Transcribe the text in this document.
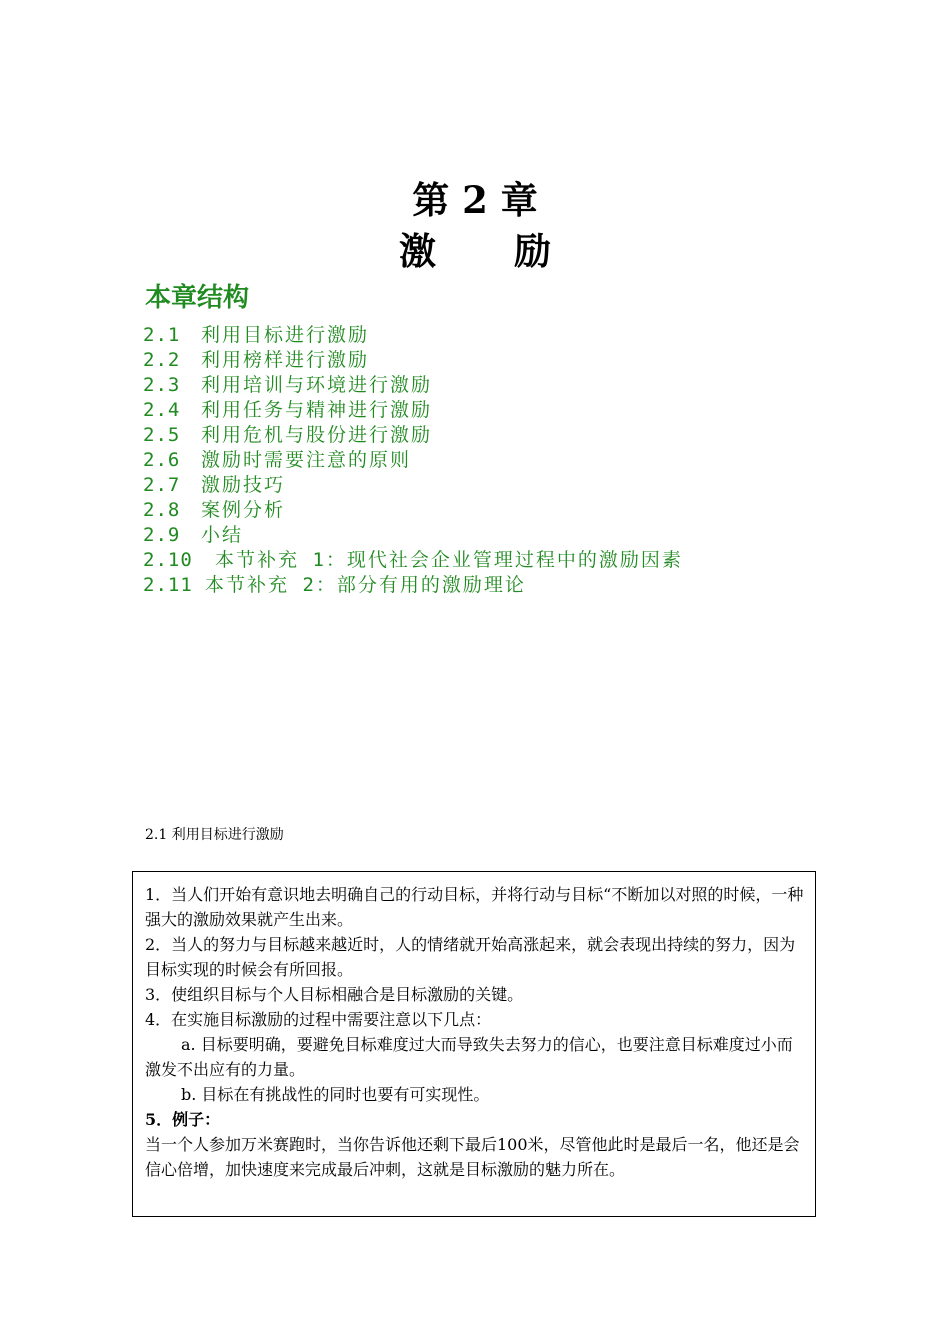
第 2 章
激 励
本章结构
2.1 利用目标进行激励
2.2 利用榜样进行激励
2.3 利用培训与环境进行激励
2.4 利用任务与精神进行激励
2.5 利用危机与股份进行激励
2.6 激励时需要注意的原则
2.7 激励技巧
2.8 案例分析
2.9 小结
2.10 本节补充 1：现代社会企业管理过程中的激励因素
2.11 本节补充 2：部分有用的激励理论
2.1 利用目标进行激励

1．当人们开始有意识地去明确自己的行动目标，并将行动与目标“不断加以对照的时候，一种强大的激励效果就产生出来。

2．当人的努力与目标越来越近时，人的情绪就开始高涨起来，就会表现出持续的努力，因为目标实现的时候会有所回报。

3．使组织目标与个人目标相融合是目标激励的关键。

4．在实施目标激励的过程中需要注意以下几点：

a. 目标要明确，要避免目标难度过大而导致失去努力的信心，也要注意目标难度过小而激发不出应有的力量。

b. 目标在有挑战性的同时也要有可实现性。

5．例子：

当一个人参加万米赛跑时，当你告诉他还剩下最后100米，尽管他此时是最后一名，他还是会信心倍增，加快速度来完成最后冲刺，这就是目标激励的魅力所在。
